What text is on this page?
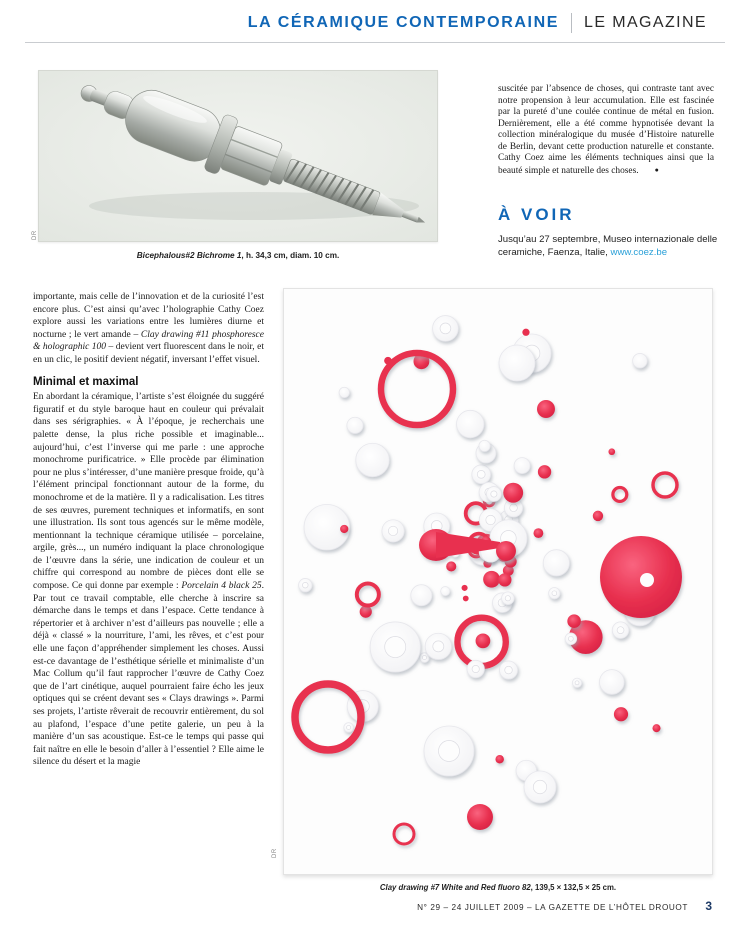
LA CÉRAMIQUE CONTEMPORAINE LE MAGAZINE
Bicephalous#2 Bichrome 1, h. 34,3 cm, diam. 10 cm.
DR
suscitée par l’absence de choses, qui contraste tant avec notre propension à leur accumulation. Elle est fascinée par la pureté d’une coulée continue de métal en fusion. Dernièrement, elle a été comme hypnotisée devant la collection minéralogique du musée d’Histoire naturelle de Berlin, devant cette production naturelle et constante. Cathy Coez aime les éléments techniques ainsi que la beauté simple et naturelle des choses. ●
À VOIR
Jusqu’au 27 septembre, Museo internazionale delle ceramiche, Faenza, Italie, www.coez.be

importante, mais celle de l’innovation et de la curiosité l’est encore plus. C’est ainsi qu’avec l’holographie Cathy Coez explore aussi les variations entre les lumières diurne et nocturne ; le vert amande – Clay drawing #11 phosphoresce & holographic 100 – devient vert fluorescent dans le noir, et en un clic, le positif devient négatif, inversant l’effet visuel.

Minimal et maximal

En abordant la céramique, l’artiste s’est éloignée du suggéré figuratif et du style baroque haut en couleur qui prévalait dans ses sérigraphies. « À l’époque, je recherchais une palette dense, la plus riche possible et imaginable... aujourd’hui, c’est l’inverse qui me parle : une approche monochrome purificatrice. » Elle procède par élimination pour ne plus s’intéresser, d’une manière presque froide, qu’à l’élément principal fonctionnant autour de la forme, du monochrome et de la matière. Il y a radicalisation. Les titres de ses œuvres, purement techniques et informatifs, en sont une illustration. Ils sont tous agencés sur le même modèle, mentionnant la technique céramique utilisée – porcelaine, argile, grès..., un numéro indiquant la place chronologique de l’œuvre dans la série, une indication de couleur et un chiffre qui correspond au nombre de pièces dont elle se compose. Ce qui donne par exemple : Porcelain 4 black 25. Par tout ce travail comptable, elle cherche à inscrire sa démarche dans le temps et dans l’espace. Cette tendance à répertorier et à archiver n’est d’ailleurs pas nouvelle ; elle a déjà « classé » la nourriture, l’ami, les rêves, et c’est pour elle une façon d’appréhender simplement les choses. Aussi est-ce davantage de l’esthétique sérielle et minimaliste d’un Mac Collum qu’il faut rapprocher l’œuvre de Cathy Coez que de l’art cinétique, auquel pourraient faire écho les jeux optiques qui se créent devant ses « Clays drawings ». Parmi ses projets, l’artiste rêverait de recouvrir entièrement, du sol au plafond, l’espace d’une petite galerie, un peu à la manière d’un sas acoustique. Est-ce le temps qui passe qui fait naître en elle le besoin d’aller à l’essentiel ? Elle aime le silence du désert et la magie

Clay drawing #7 White and Red fluoro 82, 139,5 × 132,5 × 25 cm.
DR
N° 29 – 24 JUILLET 2009 – LA GAZETTE DE L’HÔTEL DROUOT 3
